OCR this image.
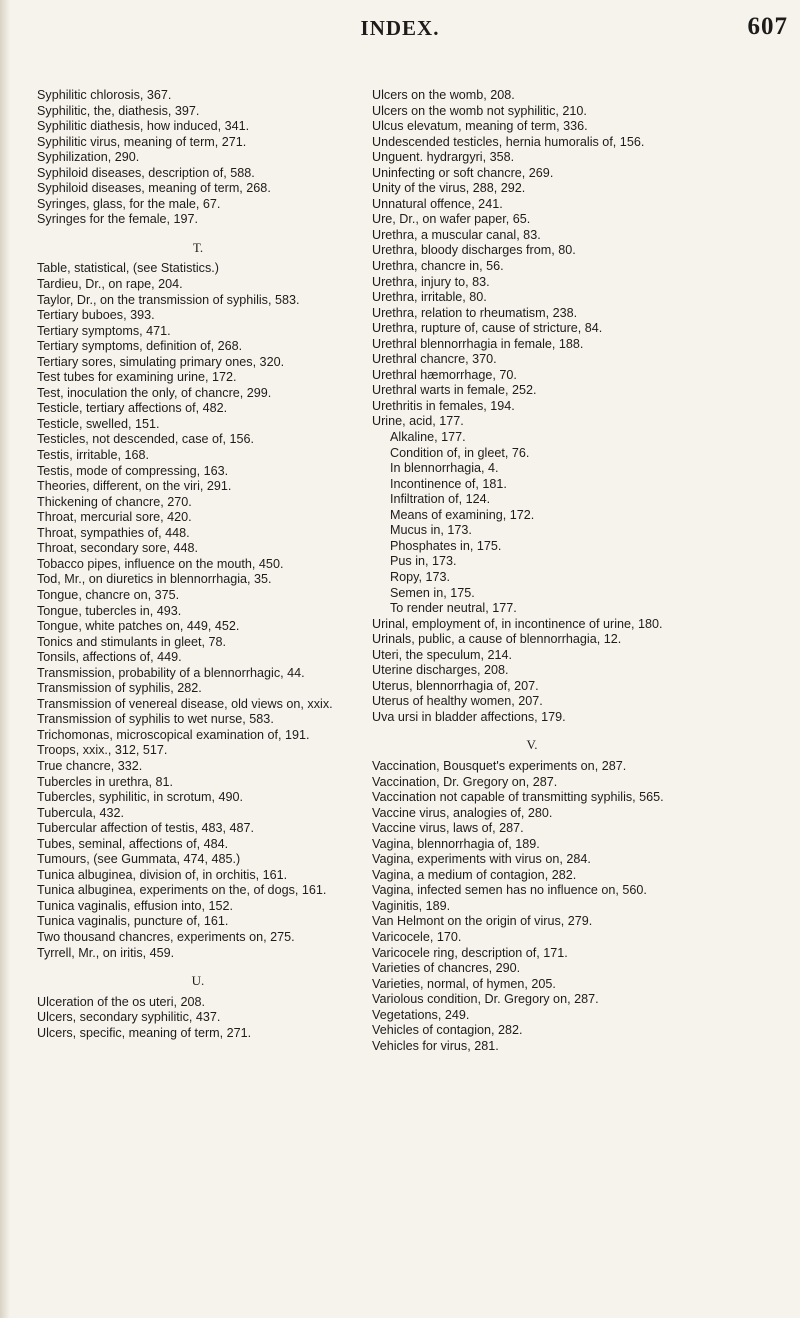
INDEX.	607
Syphilitic chlorosis, 367.
Syphilitic, the, diathesis, 397.
Syphilitic diathesis, how induced, 341.
Syphilitic virus, meaning of term, 271.
Syphilization, 290.
Syphiloid diseases, description of, 588.
Syphiloid diseases, meaning of term, 268.
Syringes, glass, for the male, 67.
Syringes for the female, 197.
T.
Table, statistical, (see Statistics.)
Tardieu, Dr., on rape, 204.
Taylor, Dr., on the transmission of syphilis, 583.
Tertiary buboes, 393.
Tertiary symptoms, 471.
Tertiary symptoms, definition of, 268.
Tertiary sores, simulating primary ones, 320.
Test tubes for examining urine, 172.
Test, inoculation the only, of chancre, 299.
Testicle, tertiary affections of, 482.
Testicle, swelled, 151.
Testicles, not descended, case of, 156.
Testis, irritable, 168.
Testis, mode of compressing, 163.
Theories, different, on the viri, 291.
Thickening of chancre, 270.
Throat, mercurial sore, 420.
Throat, sympathies of, 448.
Throat, secondary sore, 448.
Tobacco pipes, influence on the mouth, 450.
Tod, Mr., on diuretics in blennorrhagia, 35.
Tongue, chancre on, 375.
Tongue, tubercles in, 493.
Tongue, white patches on, 449, 452.
Tonics and stimulants in gleet, 78.
Tonsils, affections of, 449.
Transmission, probability of a blennorrhagic, 44.
Transmission of syphilis, 282.
Transmission of venereal disease, old views on, xxix.
Transmission of syphilis to wet nurse, 583.
Trichomonas, microscopical examination of, 191.
Troops, xxix., 312, 517.
True chancre, 332.
Tubercles in urethra, 81.
Tubercles, syphilitic, in scrotum, 490.
Tubercula, 432.
Tubercular affection of testis, 483, 487.
Tubes, seminal, affections of, 484.
Tumours, (see Gummata, 474, 485.)
Tunica albuginea, division of, in orchitis, 161.
Tunica albuginea, experiments on the, of dogs, 161.
Tunica vaginalis, effusion into, 152.
Tunica vaginalis, puncture of, 161.
Two thousand chancres, experiments on, 275.
Tyrrell, Mr., on iritis, 459.
U.
Ulceration of the os uteri, 208.
Ulcers, secondary syphilitic, 437.
Ulcers, specific, meaning of term, 271.
Ulcers on the womb, 208.
Ulcers on the womb not syphilitic, 210.
Ulcus elevatum, meaning of term, 336.
Undescended testicles, hernia humoralis of, 156.
Unguent. hydrargyri, 358.
Uninfecting or soft chancre, 269.
Unity of the virus, 288, 292.
Unnatural offence, 241.
Ure, Dr., on wafer paper, 65.
Urethra, a muscular canal, 83.
Urethra, bloody discharges from, 80.
Urethra, chancre in, 56.
Urethra, injury to, 83.
Urethra, irritable, 80.
Urethra, relation to rheumatism, 238.
Urethra, rupture of, cause of stricture, 84.
Urethral blennorrhagia in female, 188.
Urethral chancre, 370.
Urethral hæmorrhage, 70.
Urethral warts in female, 252.
Urethritis in females, 194.
Urine, acid, 177.
Alkaline, 177.
Condition of, in gleet, 76.
In blennorrhagia, 4.
Incontinence of, 181.
Infiltration of, 124.
Means of examining, 172.
Mucus in, 173.
Phosphates in, 175.
Pus in, 173.
Ropy, 173.
Semen in, 175.
To render neutral, 177.
Urinal, employment of, in incontinence of urine, 180.
Urinals, public, a cause of blennorrhagia, 12.
Uteri, the speculum, 214.
Uterine discharges, 208.
Uterus, blennorrhagia of, 207.
Uterus of healthy women, 207.
Uva ursi in bladder affections, 179.
V.
Vaccination, Bousquet's experiments on, 287.
Vaccination, Dr. Gregory on, 287.
Vaccination not capable of transmitting syphilis, 565.
Vaccine virus, analogies of, 280.
Vaccine virus, laws of, 287.
Vagina, blennorrhagia of, 189.
Vagina, experiments with virus on, 284.
Vagina, a medium of contagion, 282.
Vagina, infected semen has no influence on, 560.
Vaginitis, 189.
Van Helmont on the origin of virus, 279.
Varicocele, 170.
Varicocele ring, description of, 171.
Varieties of chancres, 290.
Varieties, normal, of hymen, 205.
Variolous condition, Dr. Gregory on, 287.
Vegetations, 249.
Vehicles of contagion, 282.
Vehicles for virus, 281.
